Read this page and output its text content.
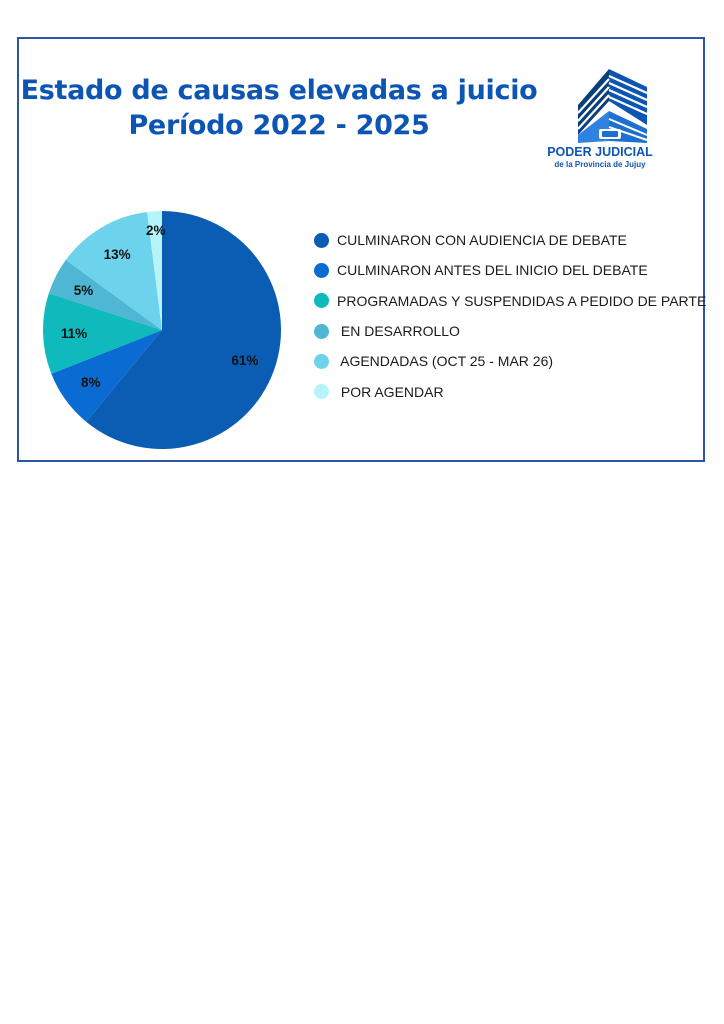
Estado de causas elevadas a juicio
Período 2022 - 2025
PODER JUDICIAL
de la Provincia de Jujuy
61%
8%
11%
5%
13%
2%
CULMINARON CON AUDIENCIA DE DEBATE
CULMINARON ANTES DEL INICIO DEL DEBATE
PROGRAMADAS Y SUSPENDIDAS A PEDIDO DE PARTE
EN DESARROLLO
AGENDADAS (OCT 25 - MAR 26)
POR AGENDAR
